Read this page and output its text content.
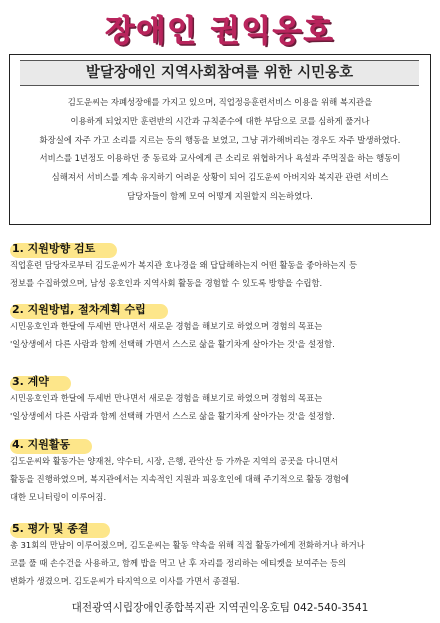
장애인 권익옹호
발달장애인 지역사회참여를 위한 시민옹호
김도운씨는 자폐성장애를 가지고 있으며, 직업정응훈련서비스 이용을 위해 복지관을
이용하게 되었지만 훈련반의 시간과 규칙준수에 대한 부담으로 코를 심하게 풀거나
화장실에 자주 가고 소리를 지르는 등의 행동을 보였고, 그냥 귀가해버리는 경우도 자주 발생하였다.
서비스를 1년정도 이용하던 중 동료와 교사에게 큰 소리로 위협하거나 욕설과 주먹질을 하는 행동이
심해져서 서비스를 계속 유지하기 어려운 상황이 되어 김도운씨 아버지와 복지관 관련 서비스
담당자들이 함께 모여 어떻게 지원할지 의논하였다.
1. 지원방향 검토
직업훈련 담당자로부터 김도운씨가 복지관 호나경을 왜 답답해하는지 어떤 활동을 좋아하는지 등
정보를 수집하였으며, 남성 옹호인과 지역사회 활동을 경험할 수 있도록 방향을 수립함.
2. 지원방법, 절차계획 수립
시민옹호인과 한달에 두세번 만나면서 새로운 경험을 해보기로 하였으며 경험의 목표는
'일상생에서 다른 사람과 함께 선택해 가면서 스스로 삶을 활기차게 살아가는 것'을 설정함.
3. 계약
시민옹호인과 한달에 두세번 만나면서 새로운 경험을 해보기로 하였으며 경험의 목표는
'일상생에서 다른 사람과 함께 선택해 가면서 스스로 삶을 활기차게 살아가는 것'을 설정함.
4. 지원활동
김도운씨와 활동가는 양재천, 약수터, 시장, 은행, 관악산 등 가까운 지역의 공곳을 다니면서
활동을 진행하였으며, 복지관에서는 지속적인 지원과 피옹호인에 대해 주기적으로 활동 경험에
대한 모니터링이 이루어짐.
5. 평가 및 종결
총 31회의 만남이 이루어졌으며, 김도운씨는 활동 약속을 위해 직접 활동가에게 전화하거나 하거나
코를 풀 때 손수건을 사용하고, 함께 밥을 먹고 난 후 자리를 정리하는 에티켓을 보여주는 등의
변화가 생겼으며. 김도운씨가 타지역으로 이사를 가면서 종결됨.
대전광역시립장애인종합복지관 지역권익옹호팀 042-540-3541
